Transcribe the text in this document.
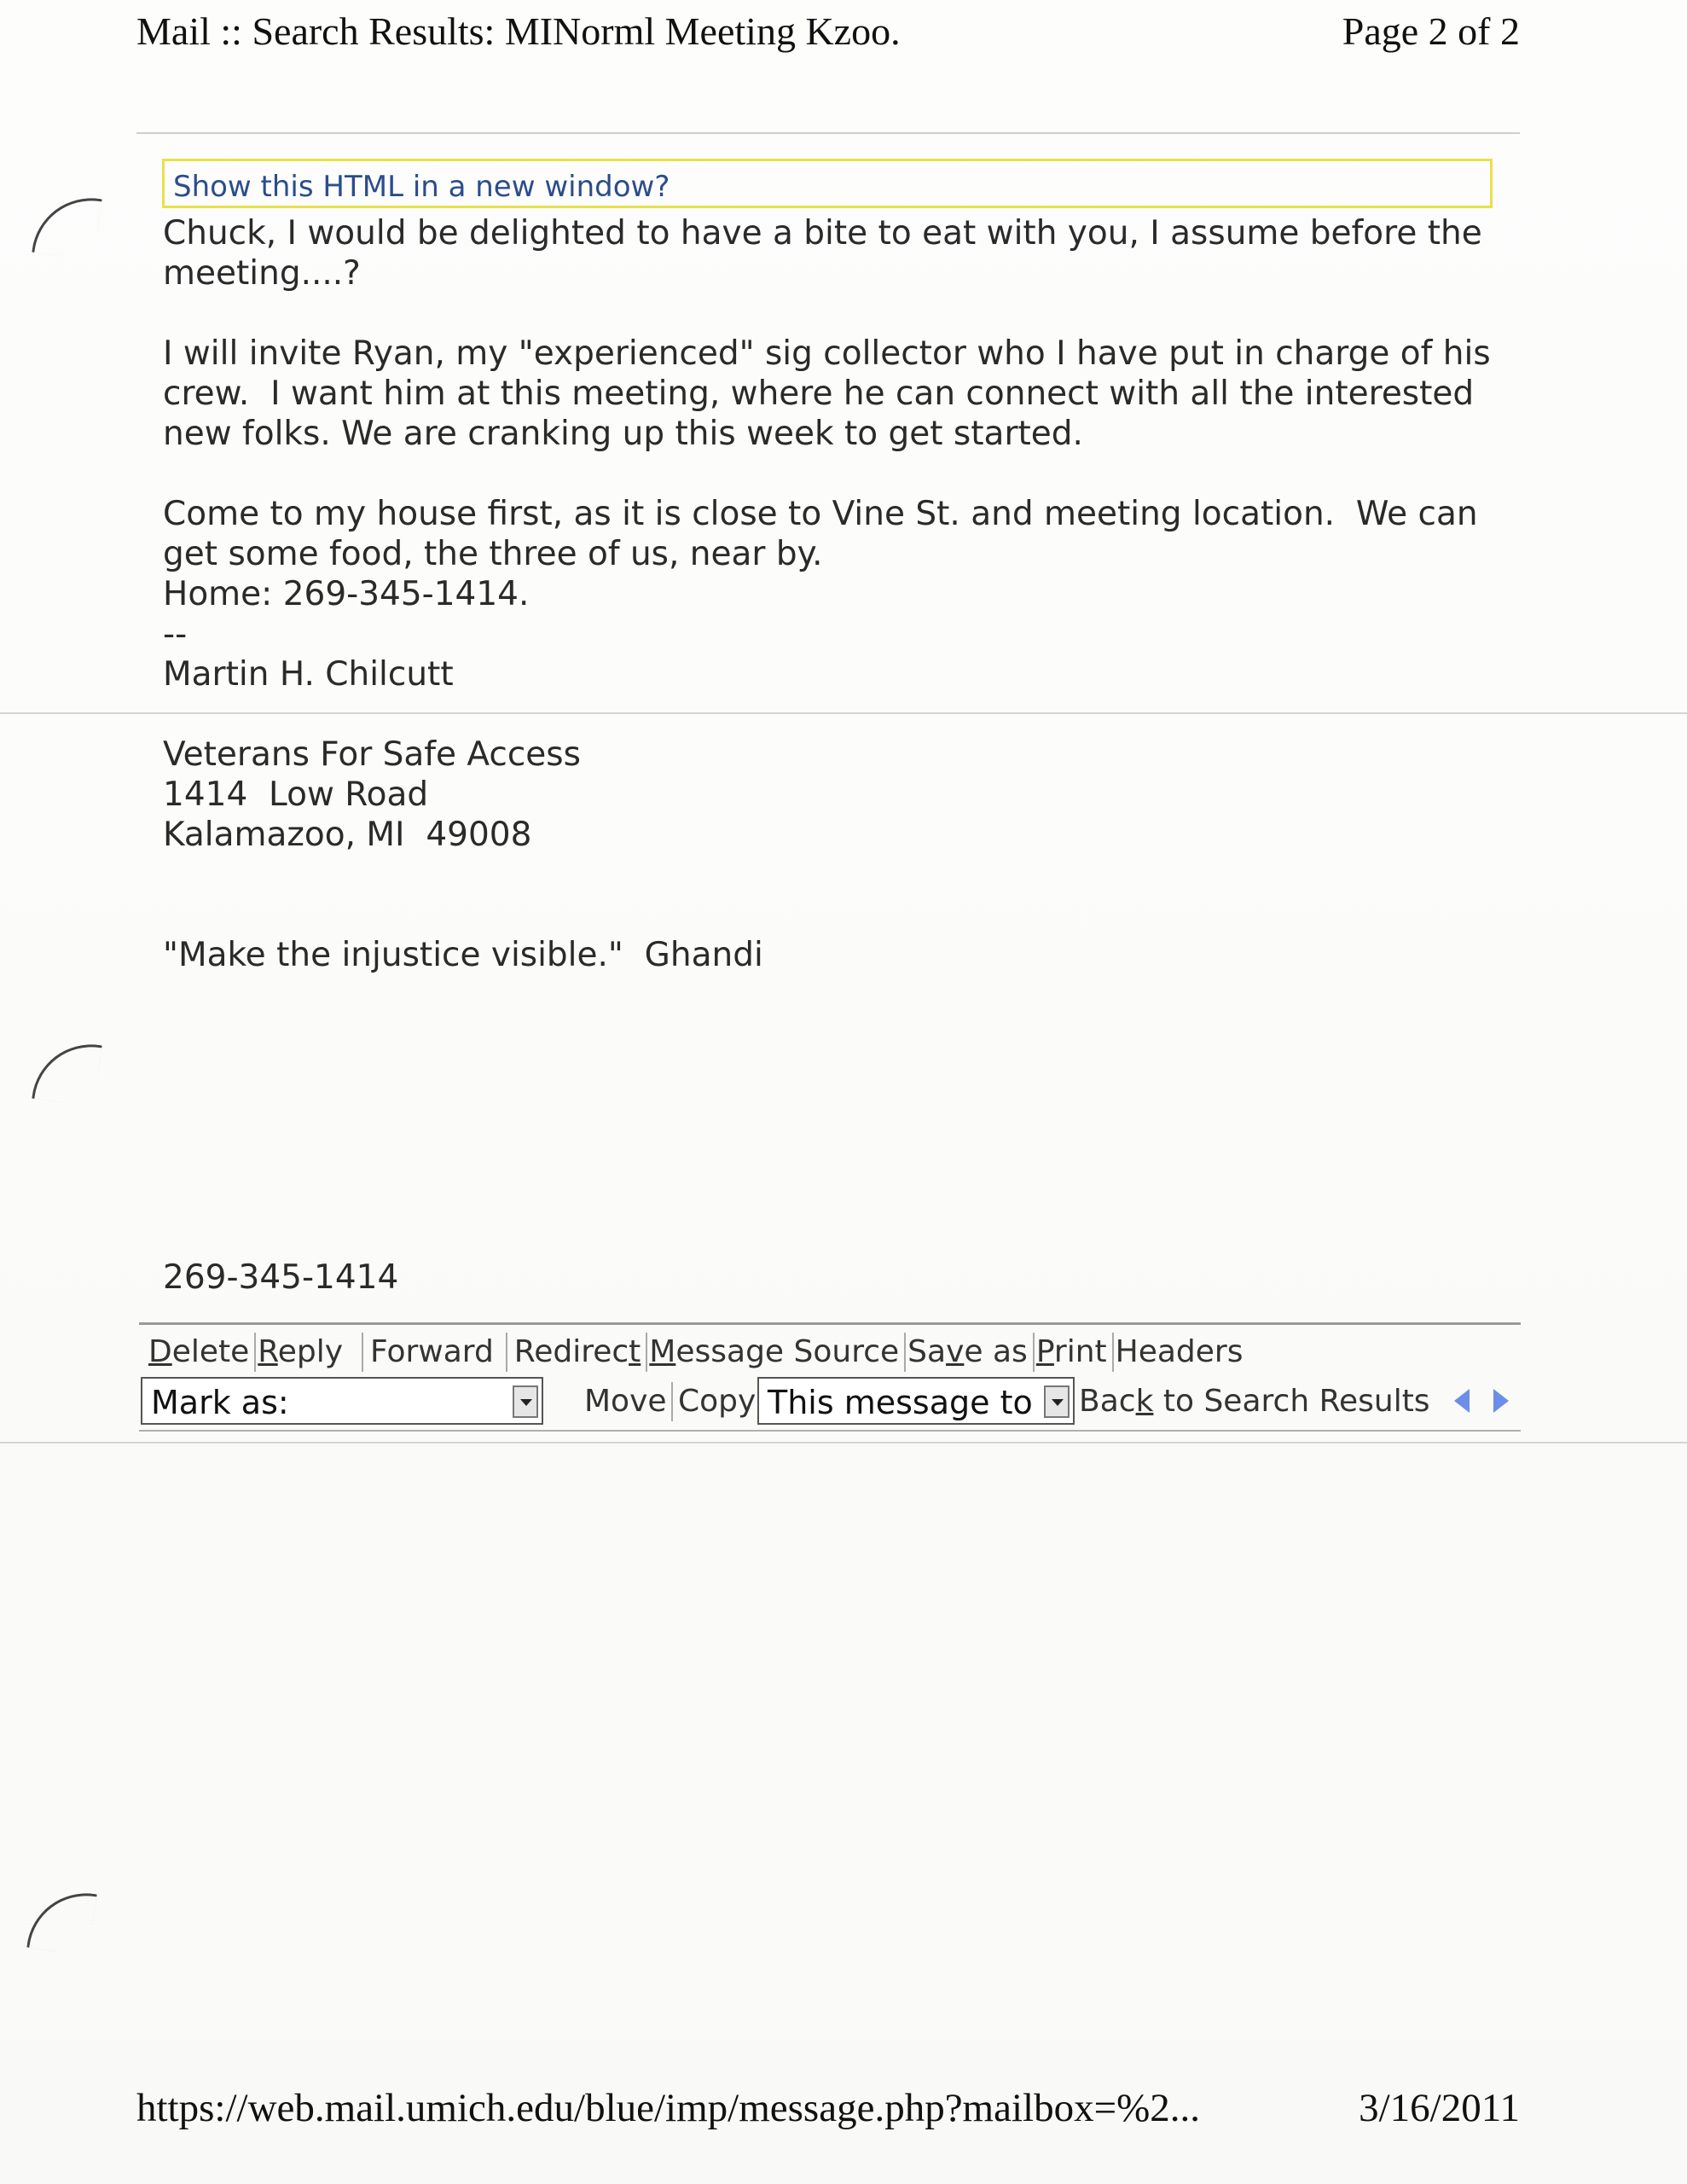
Mail :: Search Results: MINorml Meeting Kzoo.	Page 2 of 2
Show this HTML in a new window?

Chuck, I would be delighted to have a bite to eat with you, I assume before the
meeting....?

I will invite Ryan, my "experienced" sig collector who I have put in charge of his
crew.  I want him at this meeting, where he can connect with all the interested
new folks. We are cranking up this week to get started.

Come to my house first, as it is close to Vine St. and meeting location.  We can
get some food, the three of us, near by.
Home: 269-345-1414.
--
Martin H. Chilcutt

Veterans For Safe Access
1414  Low Road
Kalamazoo, MI  49008

"Make the injustice visible."  Ghandi

269-345-1414
Delete Reply Forward Redirect Message Source Save as Print Headers
Mark as:	Move Copy This message to Back to Search Results
https://web.mail.umich.edu/blue/imp/message.php?mailbox=%2...	3/16/2011
